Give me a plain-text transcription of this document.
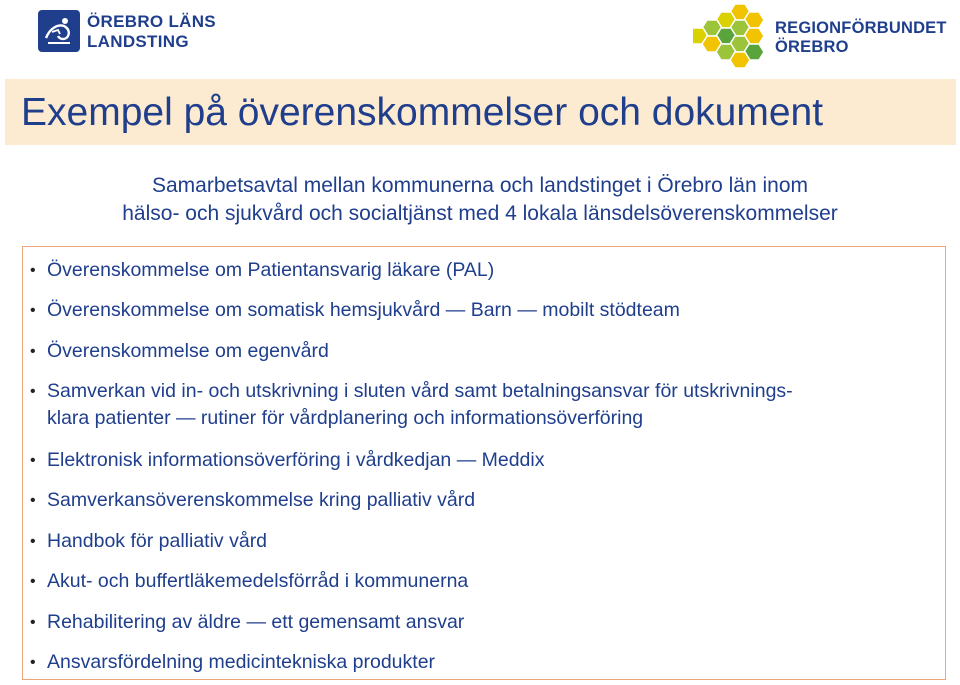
ÖREBRO LÄNS
LANDSTING
REGIONFÖRBUNDET
ÖREBRO
Exempel på överenskommelser och dokument
Samarbetsavtal mellan kommunerna och landstinget i Örebro län inom
hälso- och sjukvård och socialtjänst med 4 lokala länsdelsöverenskommelser
• Överenskommelse om Patientansvarig läkare (PAL)
• Överenskommelse om somatisk hemsjukvård — Barn — mobilt stödteam
• Överenskommelse om egenvård
• Samverkan vid in- och utskrivning i sluten vård samt betalningsansvar för utskrivnings-
klara patienter — rutiner för vårdplanering och informationsöverföring
• Elektronisk informationsöverföring i vårdkedjan — Meddix
• Samverkansöverenskommelse kring palliativ vård
• Handbok för palliativ vård
• Akut- och buffertläkemedelsförråd i kommunerna
• Rehabilitering av äldre — ett gemensamt ansvar
• Ansvarsfördelning medicintekniska produkter
